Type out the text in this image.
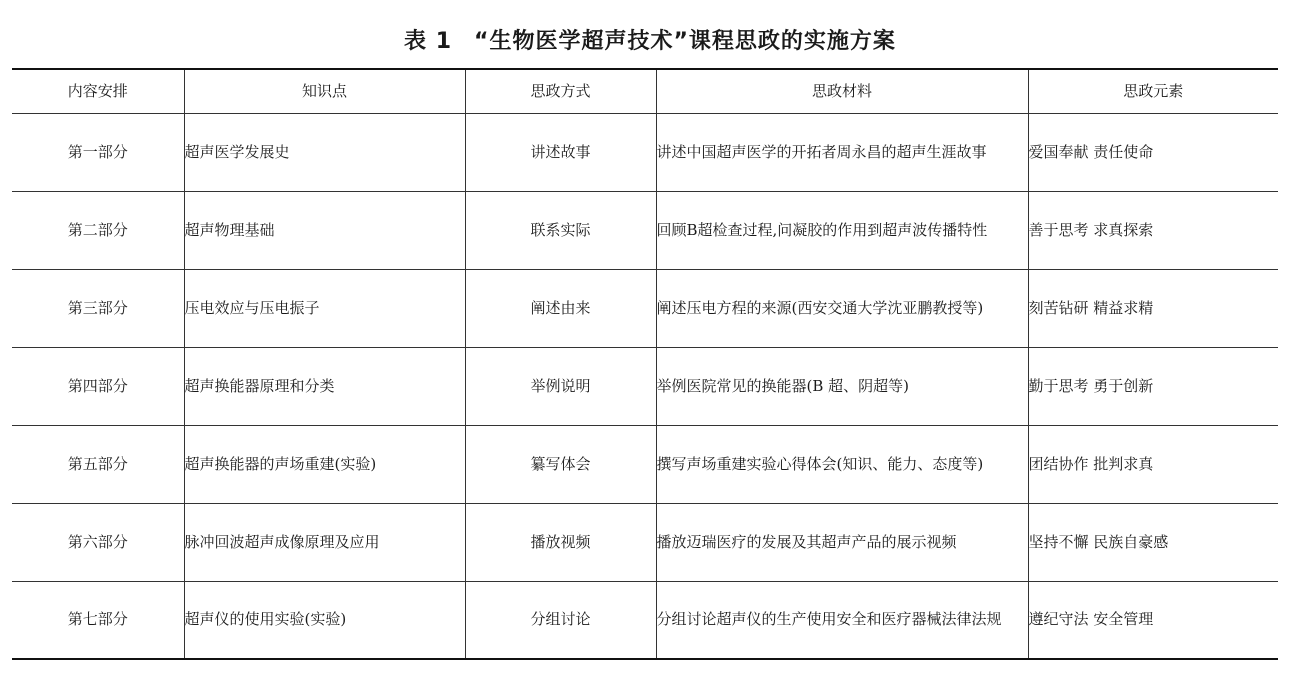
表 1 “生物医学超声技术”课程思政的实施方案
内容安排	知识点	思政方式	思政材料	思政元素
第一部分	超声医学发展史	讲述故事	讲述中国超声医学的开拓者周永昌的超声生涯故事	爱国奉献 责任使命
第二部分	超声物理基础	联系实际	回顾B超检查过程,问凝胶的作用到超声波传播特性	善于思考 求真探索
第三部分	压电效应与压电振子	阐述由来	阐述压电方程的来源(西安交通大学沈亚鹏教授等)	刻苦钻研 精益求精
第四部分	超声换能器原理和分类	举例说明	举例医院常见的换能器(B 超、阴超等)	勤于思考 勇于创新
第五部分	超声换能器的声场重建(实验)	纂写体会	撰写声场重建实验心得体会(知识、能力、态度等)	团结协作 批判求真
第六部分	脉冲回波超声成像原理及应用	播放视频	播放迈瑞医疗的发展及其超声产品的展示视频	坚持不懈 民族自豪感
第七部分	超声仪的使用实验(实验)	分组讨论	分组讨论超声仪的生产使用安全和医疗器械法律法规	遵纪守法 安全管理
